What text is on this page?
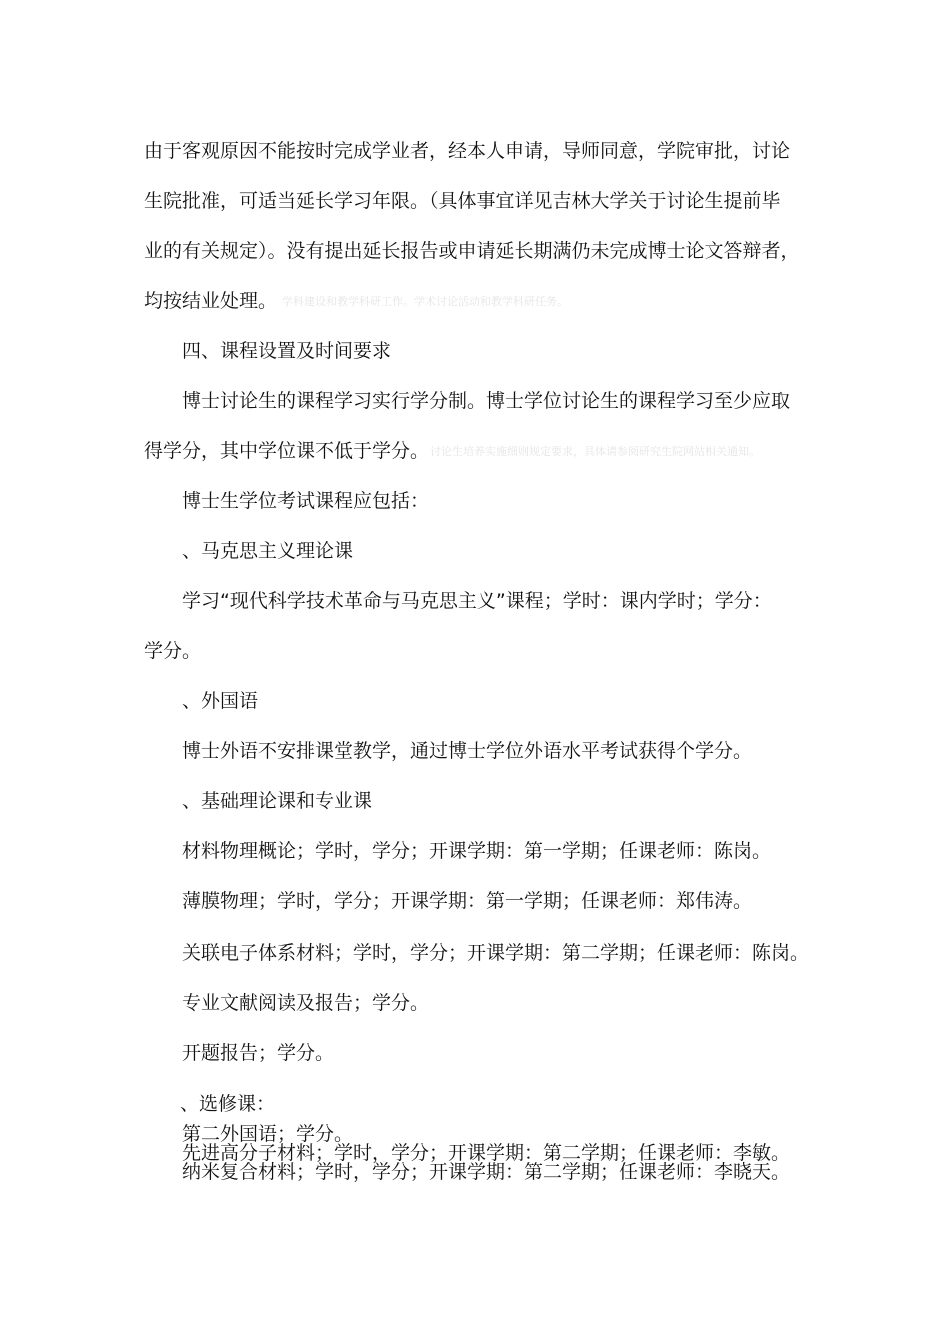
由于客观原因不能按时完成学业者，经本人申请，导师同意，学院审批，讨论
生院批准，可适当延长学习年限。（具体事宜详见吉林大学关于讨论生提前毕
业的有关规定）。没有提出延长报告或申请延长期满仍未完成博士论文答辩者，
均按结业处理。 学科建设和教学科研工作。学术讨论活动和教学科研任务。
四、课程设置及时间要求
博士讨论生的课程学习实行学分制。博士学位讨论生的课程学习至少应取
得学分，其中学位课不低于学分。 讨论生培养实施细则规定要求，具体请参阅研究生院网站相关通知。
博士生学位考试课程应包括：
、马克思主义理论课
学习“现代科学技术革命与马克思主义”课程；学时：课内学时；学分：
学分。
、外国语
博士外语不安排课堂教学，通过博士学位外语水平考试获得个学分。
、基础理论课和专业课
材料物理概论；学时，学分；开课学期：第一学期；任课老师：陈岗。
薄膜物理；学时，学分；开课学期：第一学期；任课老师：郑伟涛。
关联电子体系材料；学时，学分；开课学期：第二学期；任课老师：陈岗。
专业文献阅读及报告；学分。
开题报告；学分。
、选修课：
第二外国语；学分。
先进高分子材料；学时，学分；开课学期：第二学期；任课老师：李敏。
纳米复合材料；学时，学分；开课学期：第二学期；任课老师：李晓天。
